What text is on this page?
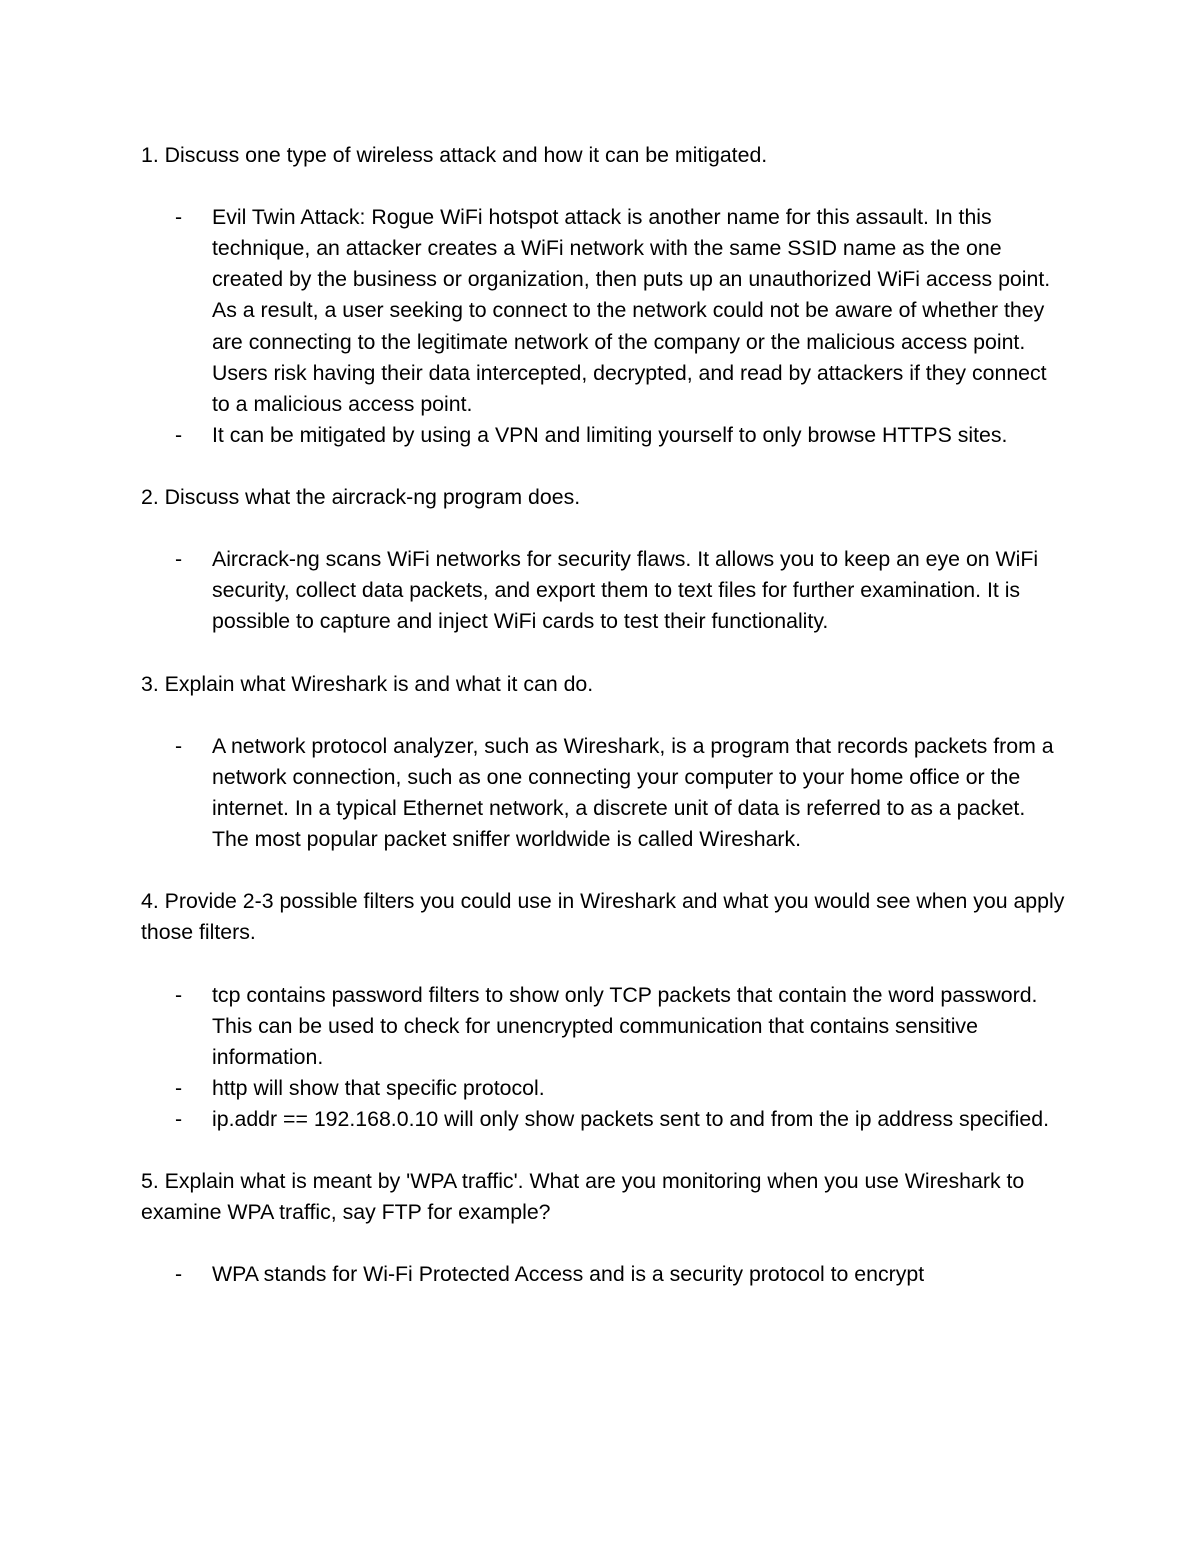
1. Discuss one type of wireless attack and how it can be mitigated.

- Evil Twin Attack: Rogue WiFi hotspot attack is another name for this assault. In this technique, an attacker creates a WiFi network with the same SSID name as the one created by the business or organization, then puts up an unauthorized WiFi access point. As a result, a user seeking to connect to the network could not be aware of whether they are connecting to the legitimate network of the company or the malicious access point. Users risk having their data intercepted, decrypted, and read by attackers if they connect to a malicious access point.
- It can be mitigated by using a VPN and limiting yourself to only browse HTTPS sites.

2. Discuss what the aircrack-ng program does.

- Aircrack-ng scans WiFi networks for security flaws. It allows you to keep an eye on WiFi security, collect data packets, and export them to text files for further examination. It is possible to capture and inject WiFi cards to test their functionality.

3. Explain what Wireshark is and what it can do.

- A network protocol analyzer, such as Wireshark, is a program that records packets from a network connection, such as one connecting your computer to your home office or the internet. In a typical Ethernet network, a discrete unit of data is referred to as a packet. The most popular packet sniffer worldwide is called Wireshark.

4. Provide 2-3 possible filters you could use in Wireshark and what you would see when you apply those filters.

- tcp contains password filters to show only TCP packets that contain the word password. This can be used to check for unencrypted communication that contains sensitive information.
- http will show that specific protocol.
- ip.addr == 192.168.0.10 will only show packets sent to and from the ip address specified.

5. Explain what is meant by 'WPA traffic'. What are you monitoring when you use Wireshark to examine WPA traffic, say FTP for example?

- WPA stands for Wi-Fi Protected Access and is a security protocol to encrypt
